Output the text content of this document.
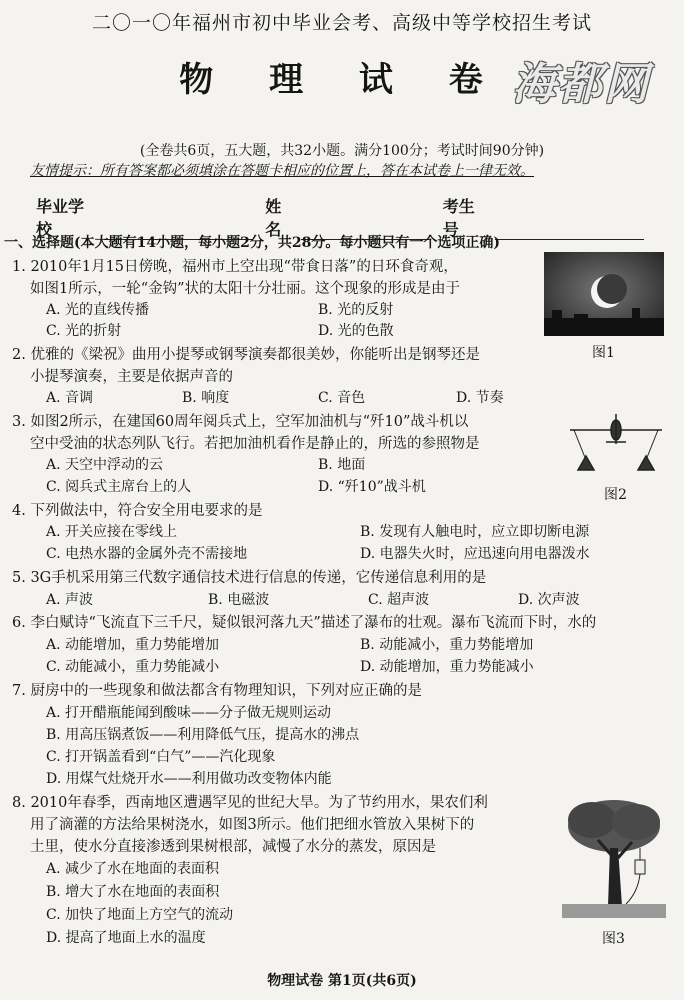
二〇一〇年福州市初中毕业会考、高级中等学校招生考试
物 理 试 卷 海都网
(全卷共6页，五大题，共32小题。满分100分；考试时间90分钟)
友情提示：所有答案都必须填涂在答题卡相应的位置上，答在本试卷上一律无效。
毕业学校
姓名
考生号
一、选择题(本大题有14小题，每小题2分，共28分。每小题只有一个选项正确)
1. 2010年1月15日傍晚，福州市上空出现“带食日落”的日环食奇观，
如图1所示，一轮“金钩”状的太阳十分壮丽。这个现象的形成是由于
A. 光的直线传播	B. 光的反射
C. 光的折射	D. 光的色散
2. 优雅的《梁祝》曲用小提琴或钢琴演奏都很美妙，你能听出是钢琴还是
小提琴演奏，主要是依据声音的
A. 音调	B. 响度	C. 音色	D. 节奏
3. 如图2所示，在建国60周年阅兵式上，空军加油机与“歼10”战斗机以
空中受油的状态列队飞行。若把加油机看作是静止的，所选的参照物是
A. 天空中浮动的云	B. 地面
C. 阅兵式主席台上的人	D. “歼10”战斗机
4. 下列做法中，符合安全用电要求的是
A. 开关应接在零线上	B. 发现有人触电时，应立即切断电源
C. 电热水器的金属外壳不需接地	D. 电器失火时，应迅速向用电器泼水
5. 3G手机采用第三代数字通信技术进行信息的传递，它传递信息利用的是
A. 声波	B. 电磁波	C. 超声波	D. 次声波
6. 李白赋诗“飞流直下三千尺，疑似银河落九天”描述了瀑布的壮观。瀑布飞流而下时，水的
A. 动能增加，重力势能增加	B. 动能减小，重力势能增加
C. 动能减小，重力势能减小	D. 动能增加，重力势能减小
7. 厨房中的一些现象和做法都含有物理知识，下列对应正确的是
A. 打开醋瓶能闻到酸味——分子做无规则运动
B. 用高压锅煮饭——利用降低气压，提高水的沸点
C. 打开锅盖看到“白气”——汽化现象
D. 用煤气灶烧开水——利用做功改变物体内能
8. 2010年春季，西南地区遭遇罕见的世纪大旱。为了节约用水，果农们利
用了滴灌的方法给果树浇水，如图3所示。他们把细水管放入果树下的
土里，使水分直接渗透到果树根部，减慢了水分的蒸发，原因是
A. 减少了水在地面的表面积
B. 增大了水在地面的表面积
C. 加快了地面上方空气的流动
D. 提高了地面上水的温度
图1
图2
图3
物理试卷 第1页(共6页)
